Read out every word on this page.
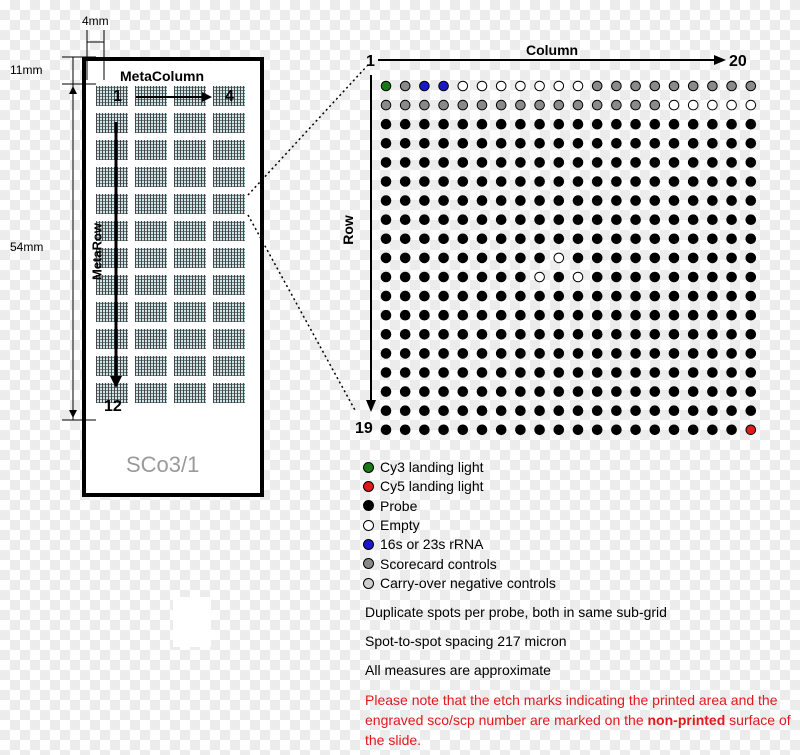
4mm
11mm
54mm
MetaColumn
1	4
12
MetaRow
SCo3/1
1
Column
20
Row
19
Cy3 landing light
Cy5 landing light
Probe
Empty
16s or 23s rRNA
Scorecard controls
Carry-over negative controls
Duplicate spots per probe, both in same sub-grid
Spot-to-spot spacing 217 micron
All measures are approximate
Please note that the etch marks indicating the printed area and the engraved sco/scp number are marked on the non-printed surface of the slide.
